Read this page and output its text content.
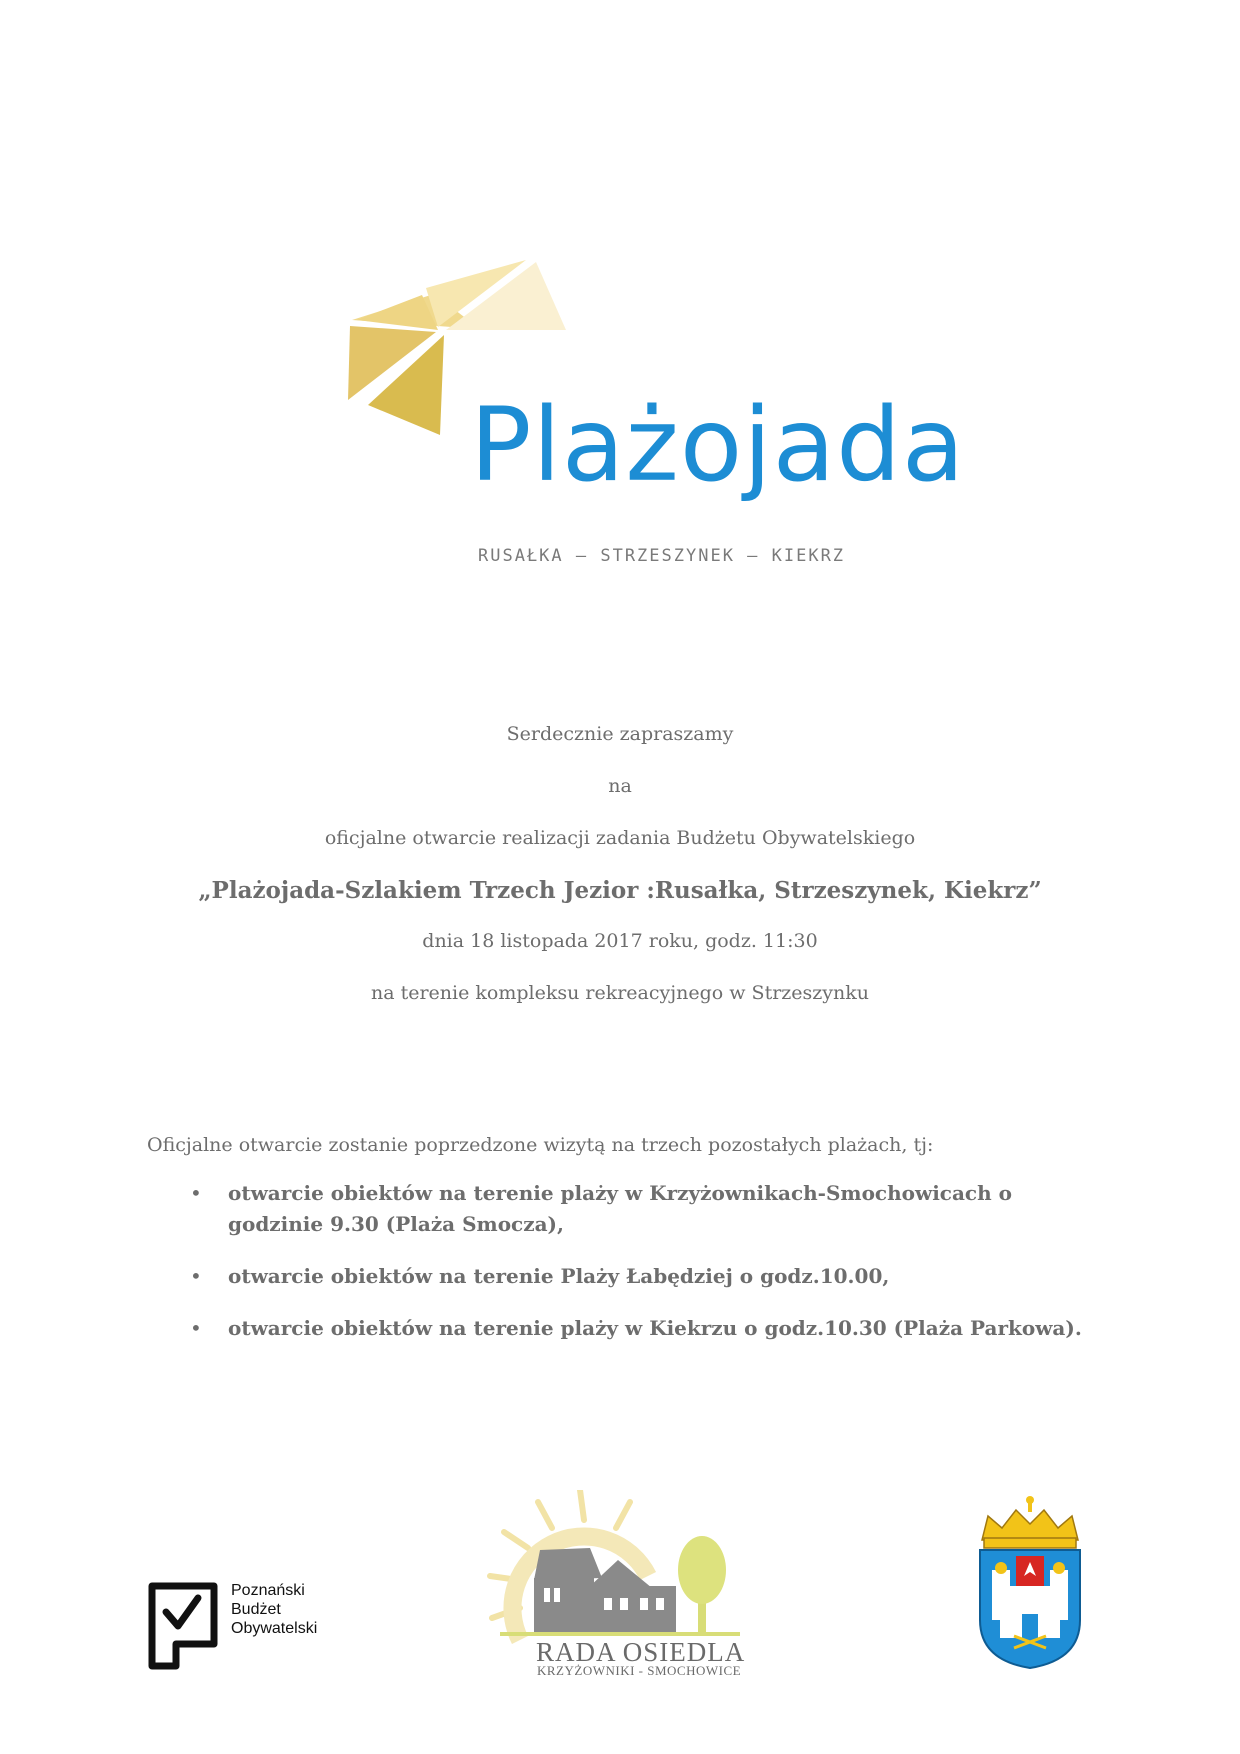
Plażojada
RUSAŁKA – STRZESZYNEK – KIEKRZ
Serdecznie zapraszamy
na
oficjalne otwarcie realizacji zadania Budżetu Obywatelskiego
„Plażojada-Szlakiem Trzech Jezior :Rusałka, Strzeszynek, Kiekrz”
dnia 18 listopada 2017 roku, godz. 11:30
na terenie kompleksu rekreacyjnego w Strzeszynku
Oficjalne otwarcie zostanie poprzedzone wizytą na trzech pozostałych plażach, tj:
• otwarcie obiektów na terenie plaży w Krzyżownikach-Smochowicach o godzinie 9.30 (Plaża Smocza),
• otwarcie obiektów na terenie Plaży Łabędziej o godz.10.00,
• otwarcie obiektów na terenie plaży w Kiekrzu o godz.10.30 (Plaża Parkowa).
Poznański
Budżet
Obywatelski
RADA OSIEDLA
KRZYŻOWNIKI - SMOCHOWICE
